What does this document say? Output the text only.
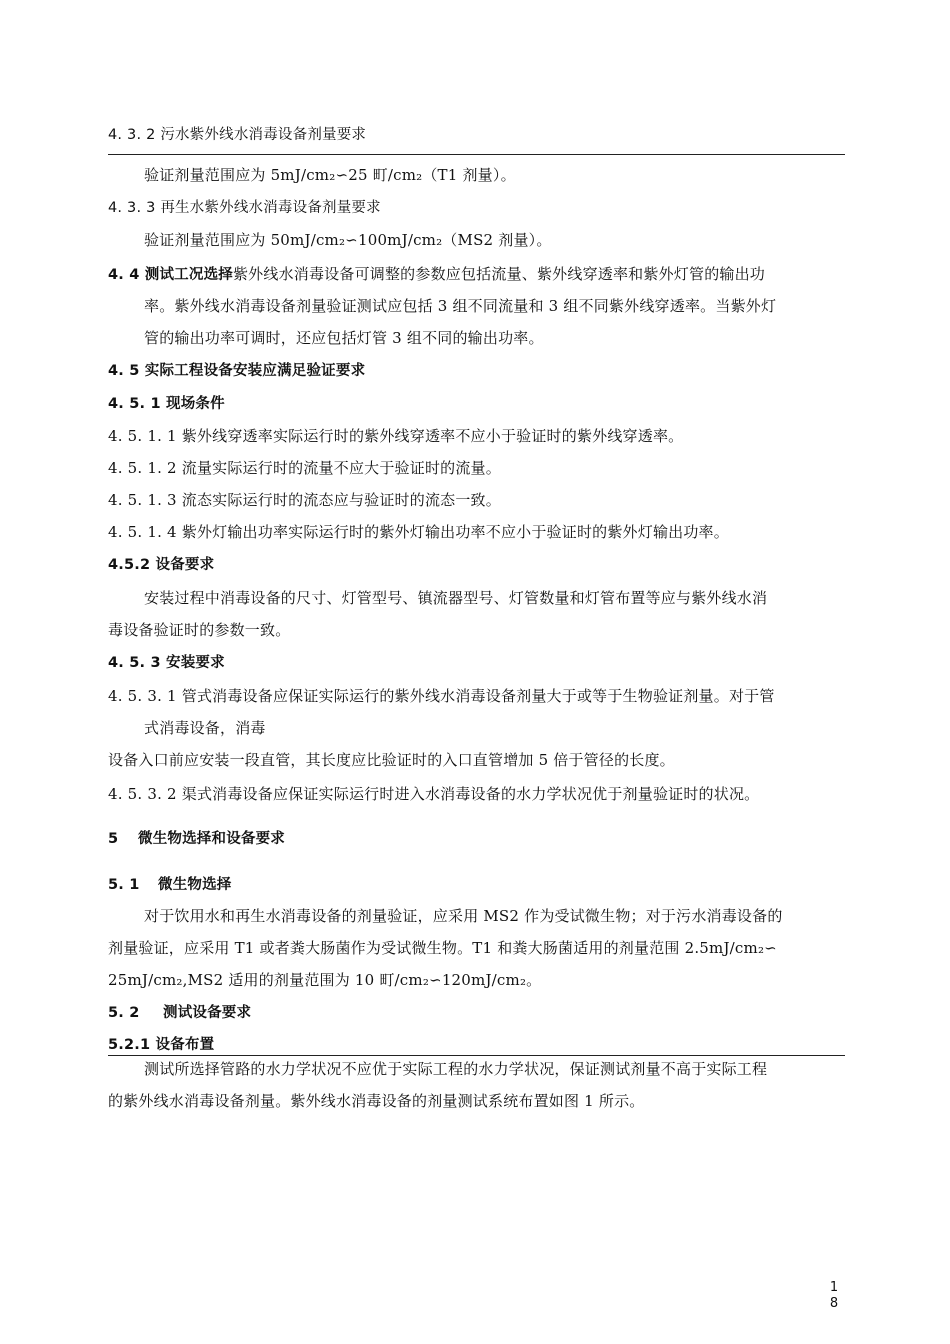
4. 3. 2 污水紫外线水消毒设备剂量要求
验证剂量范围应为 5mJ/cm₂∽25 町/cm₂（T1 剂量）。
4. 3. 3 再生水紫外线水消毒设备剂量要求
验证剂量范围应为 50mJ/cm₂∽100mJ/cm₂（MS2 剂量）。
4. 4 测试工况选择紫外线水消毒设备可调整的参数应包括流量、紫外线穿透率和紫外灯管的输出功
率。紫外线水消毒设备剂量验证测试应包括 3 组不同流量和 3 组不同紫外线穿透率。当紫外灯
管的输出功率可调时，还应包括灯管 3 组不同的输出功率。
4. 5 实际工程设备安装应满足验证要求
4. 5. 1 现场条件
4. 5. 1. 1 紫外线穿透率实际运行时的紫外线穿透率不应小于验证时的紫外线穿透率。
4. 5. 1. 2 流量实际运行时的流量不应大于验证时的流量。
4. 5. 1. 3 流态实际运行时的流态应与验证时的流态一致。
4. 5. 1. 4 紫外灯输出功率实际运行时的紫外灯输出功率不应小于验证时的紫外灯输出功率。
4.5.2 设备要求
安装过程中消毒设备的尺寸、灯管型号、镇流器型号、灯管数量和灯管布置等应与紫外线水消
毒设备验证时的参数一致。
4. 5. 3 安装要求
4. 5. 3. 1 管式消毒设备应保证实际运行的紫外线水消毒设备剂量大于或等于生物验证剂量。对于管
式消毒设备，消毒
设备入口前应安装一段直管，其长度应比验证时的入口直管增加 5 倍于管径的长度。
4. 5. 3. 2 渠式消毒设备应保证实际运行时进入水消毒设备的水力学状况优于剂量验证时的状况。
5 微生物选择和设备要求
5. 1 微生物选择
对于饮用水和再生水消毒设备的剂量验证，应采用 MS2 作为受试微生物；对于污水消毒设备的
剂量验证，应采用 T1 或者粪大肠菌作为受试微生物。T1 和粪大肠菌适用的剂量范围 2.5mJ/cm₂∽
25mJ/cm₂,MS2 适用的剂量范围为 10 町/cm₂∽120mJ/cm₂。
5. 2 测试设备要求
5.2.1 设备布置
测试所选择管路的水力学状况不应优于实际工程的水力学状况，保证测试剂量不高于实际工程
的紫外线水消毒设备剂量。紫外线水消毒设备的剂量测试系统布置如图 1 所示。
1
8
